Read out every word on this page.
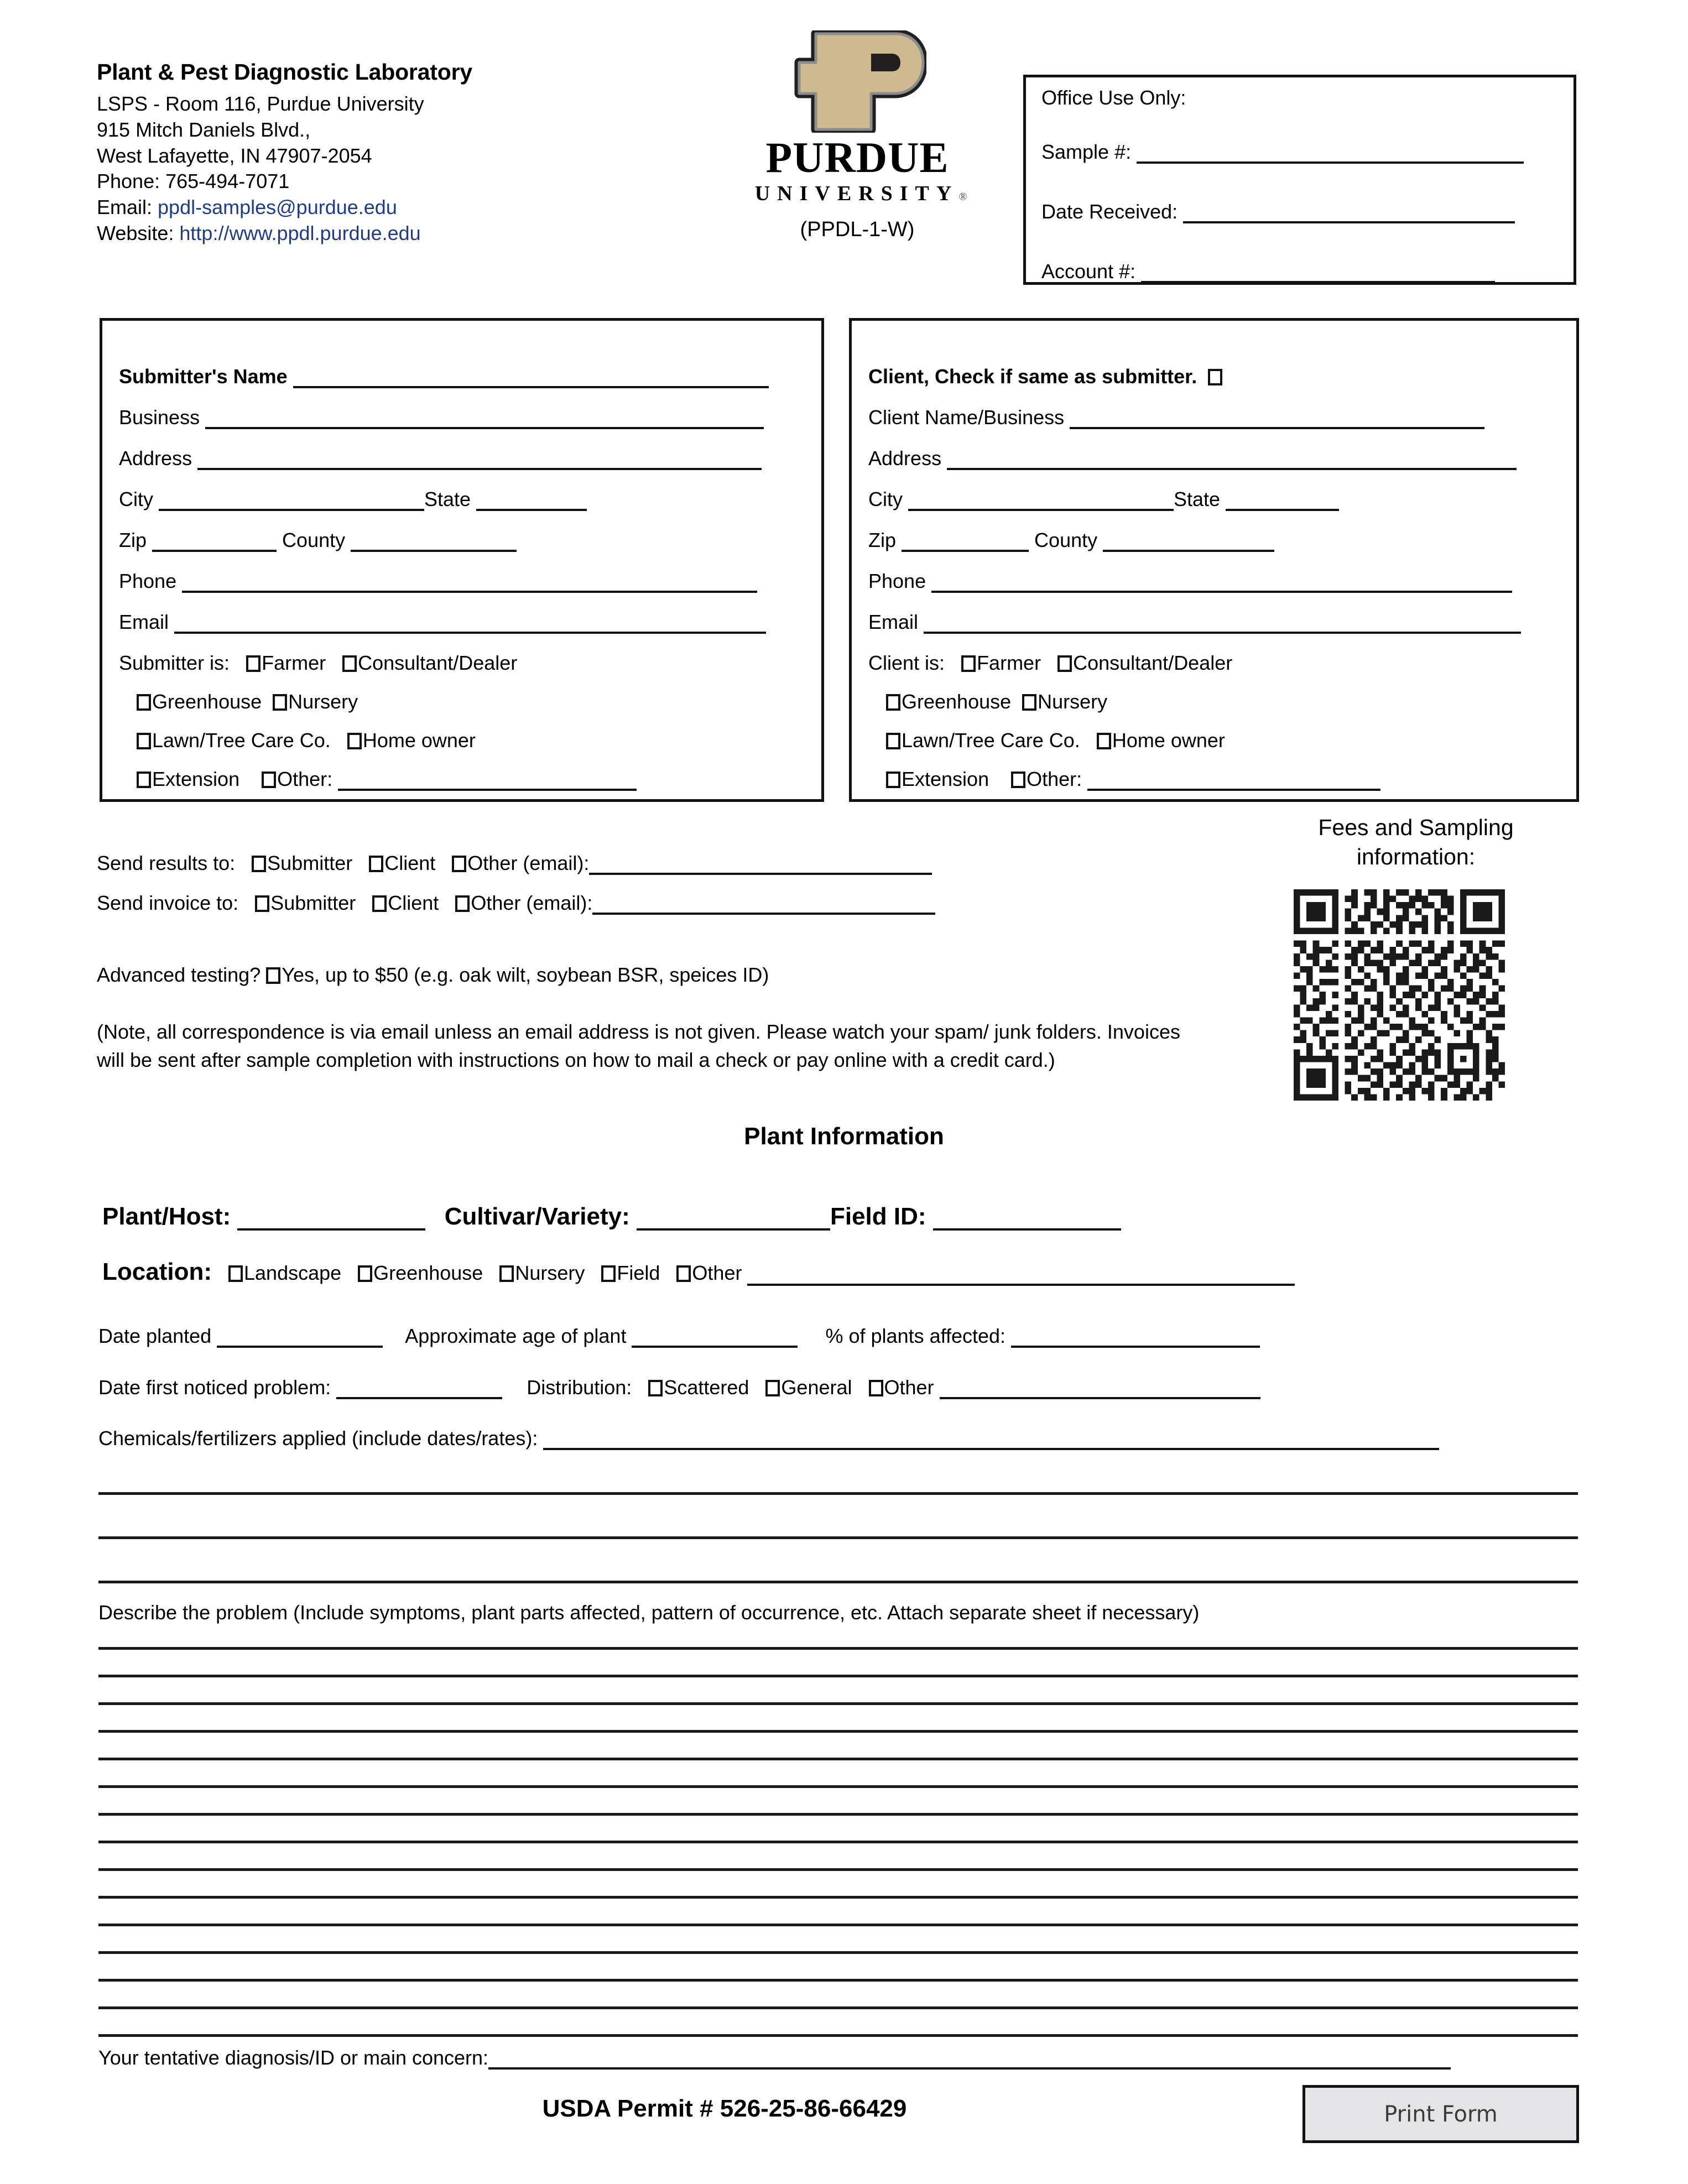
Plant & Pest Diagnostic Laboratory
LSPS - Room 116, Purdue University
915 Mitch Daniels Blvd.,
West Lafayette, IN 47907-2054
Phone: 765-494-7071
Email: ppdl-samples@purdue.edu
Website: http://www.ppdl.purdue.edu
PURDUE
UNIVERSITY®
(PPDL-1-W)
Office Use Only:
Sample #:
Date Received:
Account #:
Submitter's Name
Business
Address
City	State
Zip	County
Phone
Email
Submitter is: Farmer Consultant/Dealer
Greenhouse Nursery
Lawn/Tree Care Co. Home owner
Extension Other:
Client, Check if same as submitter.
Client Name/Business
Address
City	State
Zip	County
Phone
Email
Client is: Farmer Consultant/Dealer
Greenhouse Nursery
Lawn/Tree Care Co. Home owner
Extension Other:
Send results to: Submitter Client Other (email):
Send invoice to: Submitter Client Other (email):
Advanced testing? Yes, up to $50 (e.g. oak wilt, soybean BSR, speices ID)
(Note, all correspondence is via email unless an email address is not given. Please watch your spam/ junk folders. Invoices will be sent after sample completion with instructions on how to mail a check or pay online with a credit card.)
Fees and Sampling
information:
Plant Information
Plant/Host:	Cultivar/Variety:	Field ID:
Location: Landscape Greenhouse Nursery Field Other
Date planted	Approximate age of plant	% of plants affected:
Date first noticed problem:	Distribution: Scattered General Other
Chemicals/fertilizers applied (include dates/rates):
Describe the problem (Include symptoms, plant parts affected, pattern of occurrence, etc. Attach separate sheet if necessary)
Your tentative diagnosis/ID or main concern:
USDA Permit # 526-25-86-66429	Print Form
